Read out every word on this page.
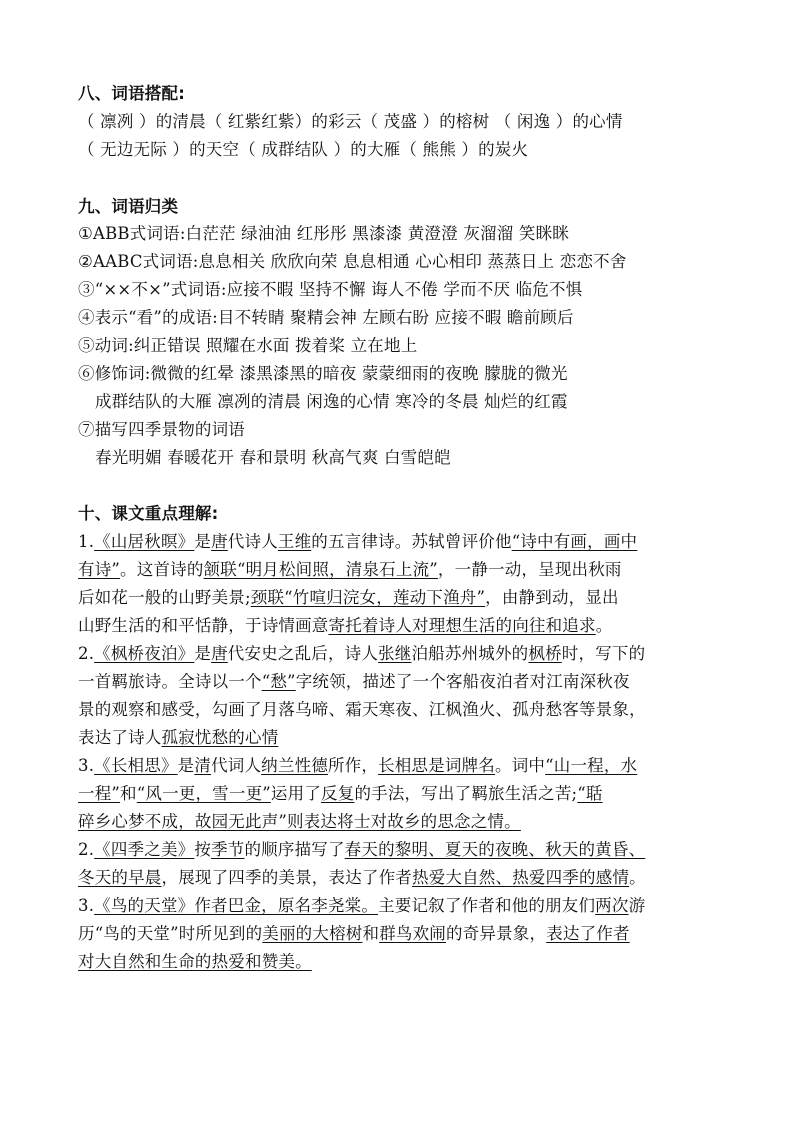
八、词语搭配:
（ 凛冽 ）的清晨（ 红紫红紫）的彩云（ 茂盛 ）的榕树 （ 闲逸 ）的心情
（ 无边无际 ）的天空（ 成群结队 ）的大雁（ 熊熊 ）的炭火
九、词语归类
①ABB式词语:白茫茫 绿油油 红彤彤 黑漆漆 黄澄澄 灰溜溜 笑眯眯
②AABC式词语:息息相关 欣欣向荣 息息相通 心心相印 蒸蒸日上 恋恋不舍
③“××不×”式词语:应接不暇 坚持不懈 诲人不倦 学而不厌 临危不惧
④表示“看”的成语:目不转睛 聚精会神 左顾右盼 应接不暇 瞻前顾后
⑤动词:纠正错误 照耀在水面 拨着桨 立在地上
⑥修饰词:微微的红晕 漆黑漆黑的暗夜 蒙蒙细雨的夜晚 朦胧的微光
成群结队的大雁 凛冽的清晨 闲逸的心情 寒冷的冬晨 灿烂的红霞
⑦描写四季景物的词语
春光明媚 春暖花开 春和景明 秋高气爽 白雪皑皑
十、课文重点理解:
1.《山居秋暝》是唐代诗人王维的五言律诗。苏轼曾评价他“诗中有画，画中
有诗”。这首诗的颔联“明月松间照，清泉石上流”，一静一动，呈现出秋雨
后如花一般的山野美景;颈联“竹喧归浣女，莲动下渔舟”，由静到动，显出
山野生活的和平恬静，于诗情画意寄托着诗人对理想生活的向往和追求。
2.《枫桥夜泊》是唐代安史之乱后，诗人张继泊船苏州城外的枫桥时，写下的
一首羁旅诗。全诗以一个“愁”字统领，描述了一个客船夜泊者对江南深秋夜
景的观察和感受，勾画了月落乌啼、霜天寒夜、江枫渔火、孤舟愁客等景象，
表达了诗人孤寂忧愁的心情
3.《长相思》是清代词人纳兰性德所作，长相思是词牌名。词中“山一程，水
一程”和“风一更，雪一更”运用了反复的手法，写出了羁旅生活之苦;“聒
碎乡心梦不成，故园无此声”则表达将士对故乡的思念之情。
2.《四季之美》按季节的顺序描写了春天的黎明、夏天的夜晚、秋天的黄昏、
冬天的早晨，展现了四季的美景，表达了作者热爱大自然、热爱四季的感情。
3.《鸟的天堂》作者巴金，原名李尧棠。主要记叙了作者和他的朋友们两次游
历“鸟的天堂”时所见到的美丽的大榕树和群鸟欢闹的奇异景象，表达了作者
对大自然和生命的热爱和赞美。
